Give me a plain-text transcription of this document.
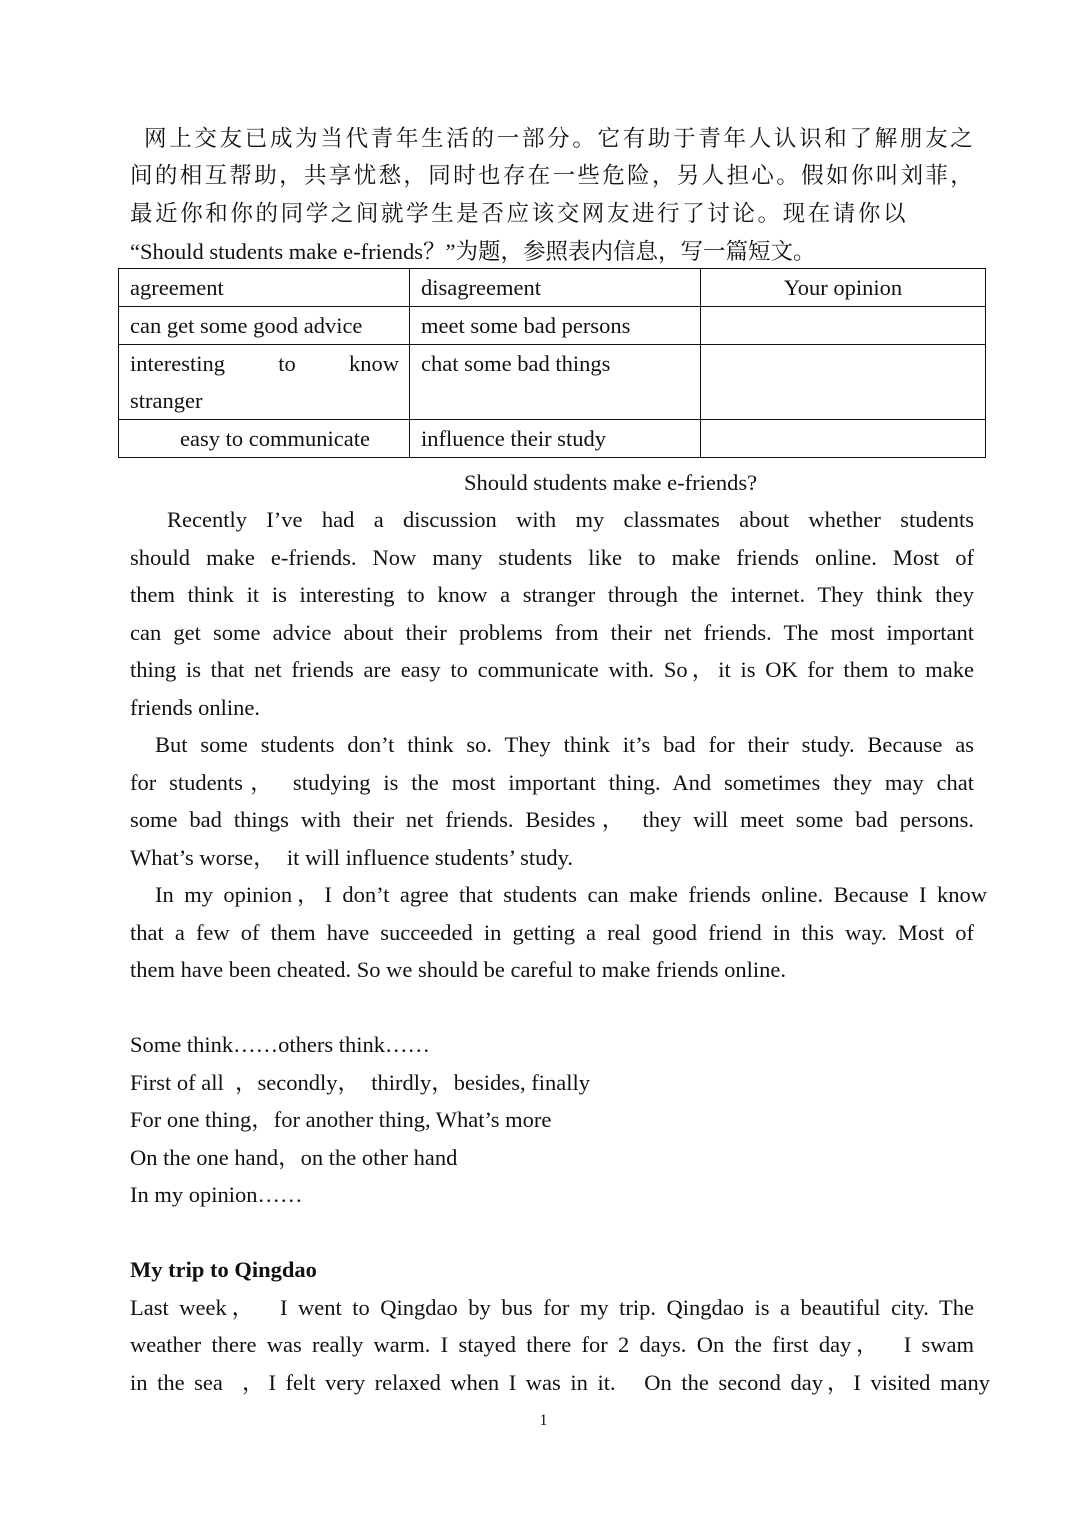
网上交友已成为当代青年生活的一部分。它有助于青年人认识和了解朋友之
间的相互帮助，共享忧愁，同时也存在一些危险，另人担心。假如你叫刘菲，
最近你和你的同学之间就学生是否应该交网友进行了讨论。现在请你以
“Should students make e-friends？”为题，参照表内信息，写一篇短文。
agreement	disagreement	Your opinion
can get some good advice	meet some bad persons	
interesting to know stranger	chat some bad things	
easy to communicate	influence their study	
Should students make e-friends?
Recently I’ve had a discussion with my classmates about whether students
should make e-friends. Now many students like to make friends online. Most of
them think it is interesting to know a stranger through the internet. They think they
can get some advice about their problems from their net friends. The most important
thing is that net friends are easy to communicate with. So，it is OK for them to make
friends online.
But some students don’t think so. They think it’s bad for their study. Because as
for students， studying is the most important thing. And sometimes they may chat
some bad things with their net friends. Besides， they will meet some bad persons.
What’s worse，  it will influence students’ study.
In my opinion，I don’t agree that students can make friends online. Because I know
that a few of them have succeeded in getting a real good friend in this way. Most of
them have been cheated. So we should be careful to make friends online.
Some think……others think……
First of all  ，secondly，  thirdly，besides, finally
For one thing，for another thing, What’s more
On the one hand，on the other hand
In my opinion……
My trip to Qingdao
Last week，  I went to Qingdao by bus for my trip. Qingdao is a beautiful city. The
weather there was really warm. I stayed there for 2 days. On the first day，  I swam
in the sea  ，I felt very relaxed when I was in it.   On the second day，I visited many
1
